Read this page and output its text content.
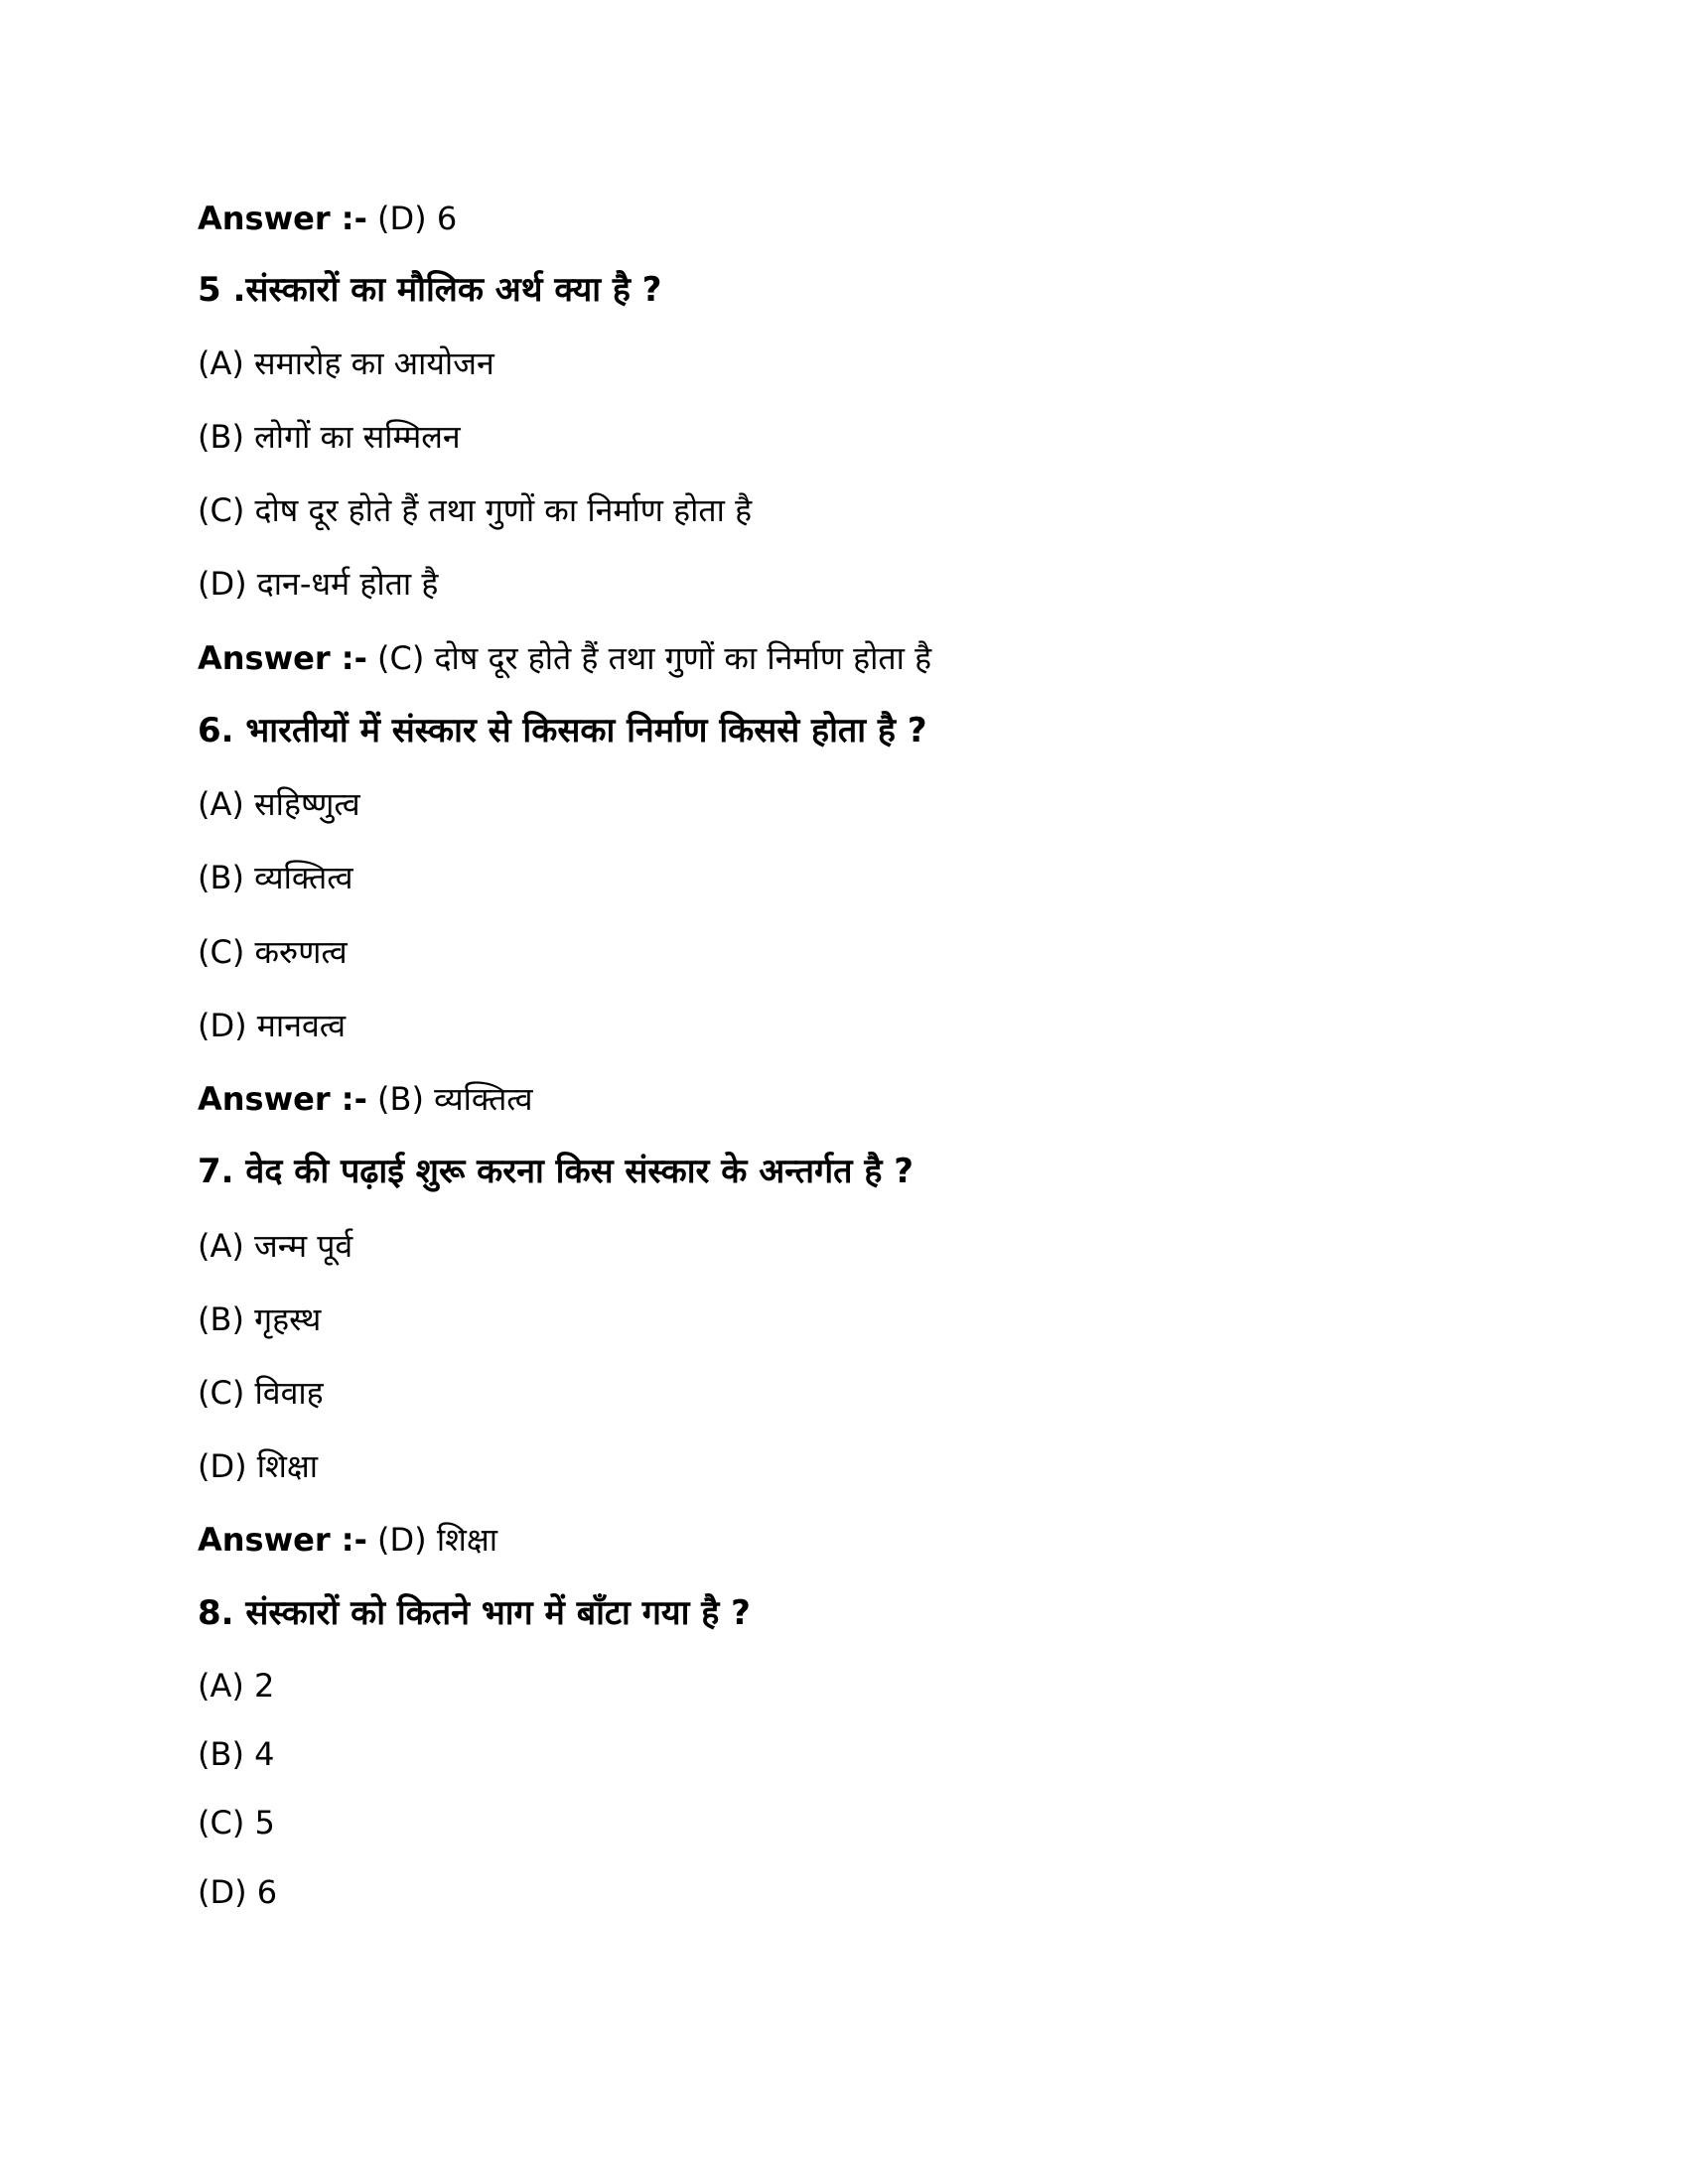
Answer :- (D) 6
5 .संस्कारों का मौलिक अर्थ क्या है ?
(A) समारोह का आयोजन
(B) लोगों का सम्मिलन
(C) दोष दूर होते हैं तथा गुणों का निर्माण होता है
(D) दान-धर्म होता है
Answer :- (C) दोष दूर होते हैं तथा गुणों का निर्माण होता है
6. भारतीयों में संस्कार से किसका निर्माण किससे होता है ?
(A) सहिष्णुत्व
(B) व्यक्तित्व
(C) करुणत्व
(D) मानवत्व
Answer :- (B) व्यक्तित्व
7. वेद की पढ़ाई शुरू करना किस संस्कार के अन्तर्गत है ?
(A) जन्म पूर्व
(B) गृहस्थ
(C) विवाह
(D) शिक्षा
Answer :- (D) शिक्षा
8. संस्कारों को कितने भाग में बाँटा गया है ?
(A) 2
(B) 4
(C) 5
(D) 6
